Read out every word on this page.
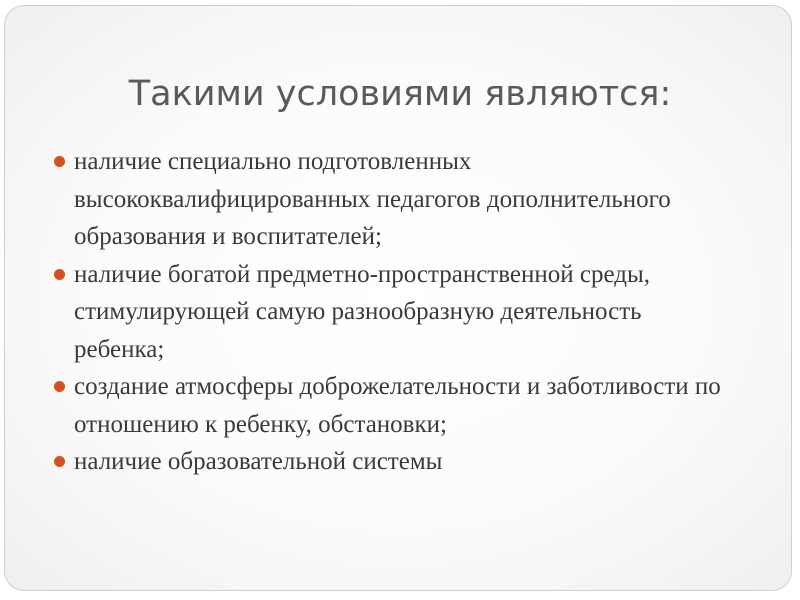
Такими условиями являются:
наличие специально подготовленных высококвалифицированных педагогов дополнительного образования и воспитателей;
наличие богатой предметно-пространственной среды, стимулирующей самую разнообразную деятельность ребенка;
создание атмосферы доброжелательности и заботливости по отношению к ребенку, обстановки;
наличие образовательной системы
